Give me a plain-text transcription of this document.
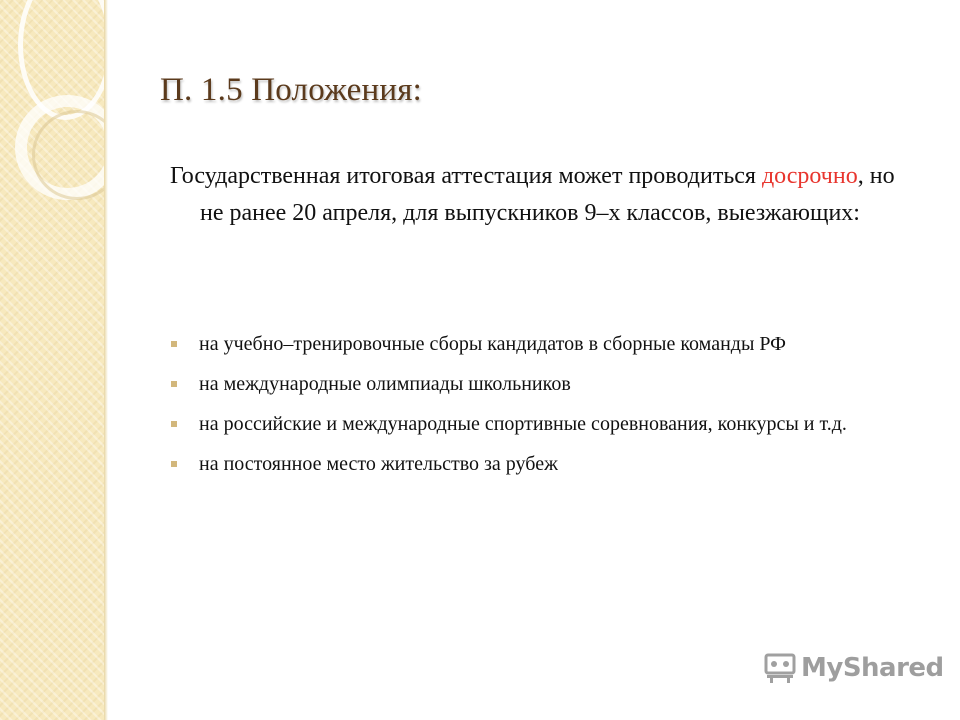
П. 1.5 Положения:
Государственная итоговая аттестация может проводиться досрочно, но не ранее 20 апреля, для выпускников 9–х классов, выезжающих:
на учебно–тренировочные сборы кандидатов в сборные команды РФ
на международные олимпиады школьников
на российские и международные спортивные соревнования, конкурсы и т.д.
на постоянное место жительство за рубеж
MyShared
